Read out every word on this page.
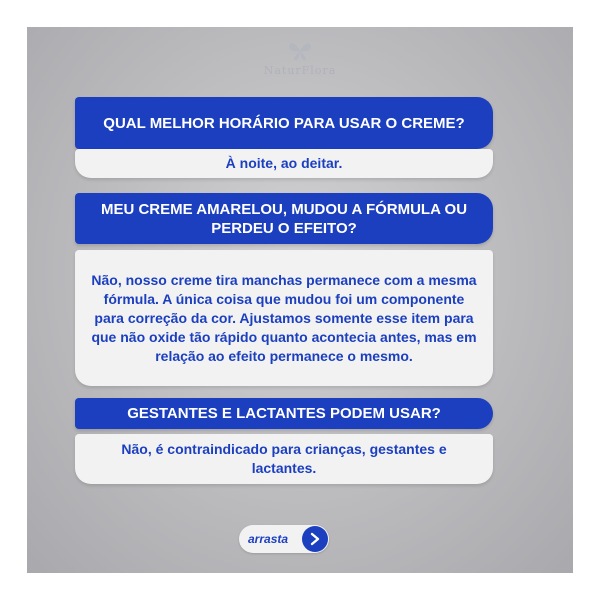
NaturFlora
QUAL MELHOR HORÁRIO PARA USAR O CREME?
À noite, ao deitar.
MEU CREME AMARELOU, MUDOU A FÓRMULA OU PERDEU O EFEITO?
Não, nosso creme tira manchas permanece com a mesma fórmula. A única coisa que mudou foi um componente para correção da cor. Ajustamos somente esse item para que não oxide tão rápido quanto acontecia antes, mas em relação ao efeito permanece o mesmo.
GESTANTES E LACTANTES PODEM USAR?
Não, é contraindicado para crianças, gestantes e lactantes.
arrasta
